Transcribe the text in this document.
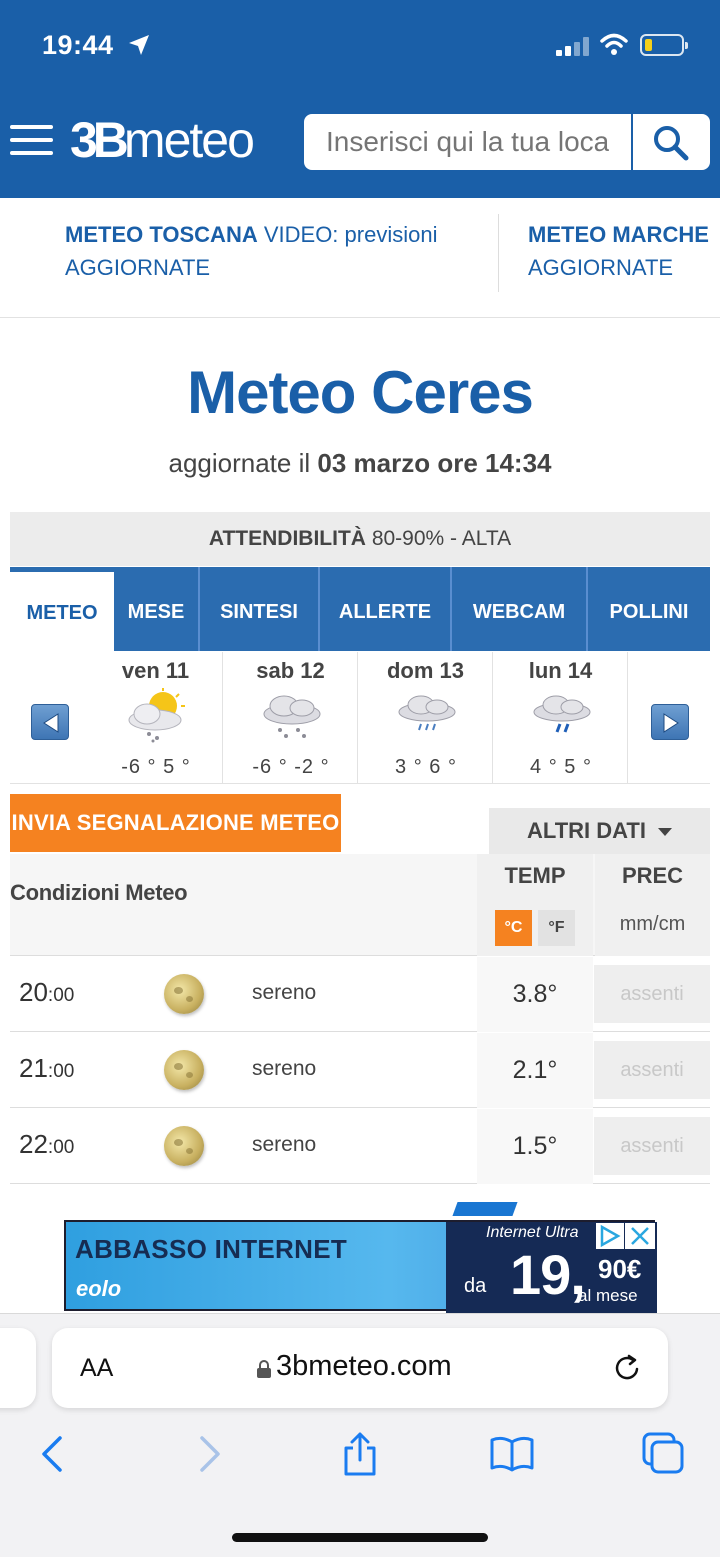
19:44
3Bmeteo
Inserisci qui la tua località
METEO TOSCANA VIDEO: previsioni
AGGIORNATE
METEO MARCHE
AGGIORNATE
Meteo Ceres
aggiornate il 03 marzo ore 14:34
ATTENDIBILITÀ 80-90% - ALTA
METEO	MESE	SINTESI	ALLERTE	WEBCAM	POLLINI
ven 11
-6 ° 5 °
sab 12
-6 ° -2 °
dom 13
3 ° 6 °
lun 14
4 ° 5 °
INVIA SEGNALAZIONE METEO	ALTRI DATI
Condizioni Meteo
TEMP
°C	°F
PREC
mm/cm
20:00	sereno	3.8°	assenti
21:00	sereno	2.1°	assenti
22:00	sereno	1.5°	assenti
ABBASSO INTERNET
eolo
Internet Ultra
da 19, 90€
al mese
AA	3bmeteo.com
